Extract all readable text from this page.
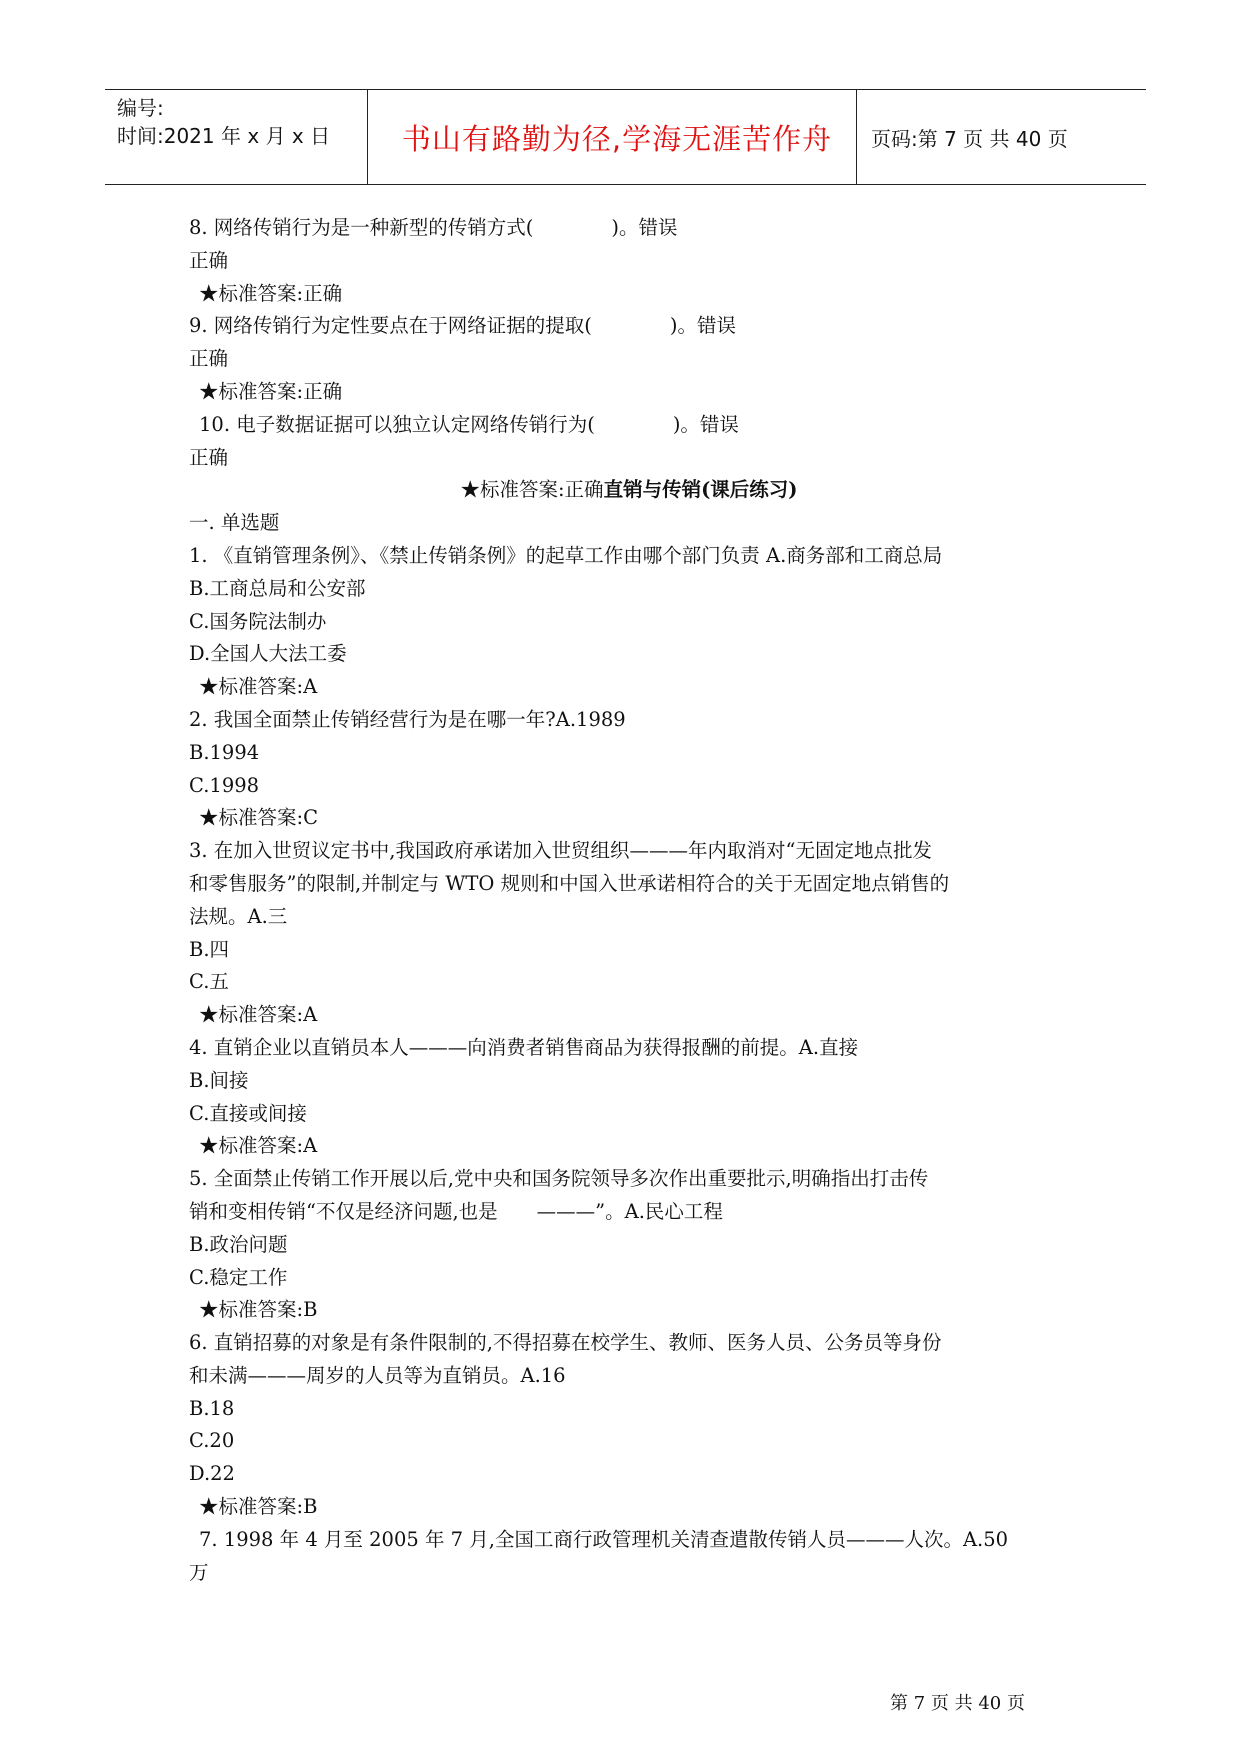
编号:
时间:2021 年 x 月 x 日	书山有路勤为径,学海无涯苦作舟 页码:第 7 页 共 40 页
8. 网络传销行为是一种新型的传销方式(　　　　)。错误
正确
★标准答案:正确
9. 网络传销行为定性要点在于网络证据的提取(　　　　)。错误
正确
★标准答案:正确
10. 电子数据证据可以独立认定网络传销行为(　　　　)。错误
正确
★标准答案:正确直销与传销(课后练习)
一. 单选题
1. 《直销管理条例》、《禁止传销条例》的起草工作由哪个部门负责 A.商务部和工商总局
B.工商总局和公安部
C.国务院法制办
D.全国人大法工委
★标准答案:A
2. 我国全面禁止传销经营行为是在哪一年?A.1989
B.1994
C.1998
★标准答案:C
3. 在加入世贸议定书中,我国政府承诺加入世贸组织———年内取消对“无固定地点批发
和零售服务”的限制,并制定与 WTO 规则和中国入世承诺相符合的关于无固定地点销售的
法规。A.三
B.四
C.五
★标准答案:A
4. 直销企业以直销员本人———向消费者销售商品为获得报酬的前提。A.直接
B.间接
C.直接或间接
★标准答案:A
5. 全面禁止传销工作开展以后,党中央和国务院领导多次作出重要批示,明确指出打击传
销和变相传销“不仅是经济问题,也是　　———”。A.民心工程
B.政治问题
C.稳定工作
★标准答案:B
6. 直销招募的对象是有条件限制的,不得招募在校学生、教师、医务人员、公务员等身份
和未满———周岁的人员等为直销员。A.16
B.18
C.20
D.22
★标准答案:B
7. 1998 年 4 月至 2005 年 7 月,全国工商行政管理机关清查遣散传销人员———人次。A.50
万
第 7 页 共 40 页
